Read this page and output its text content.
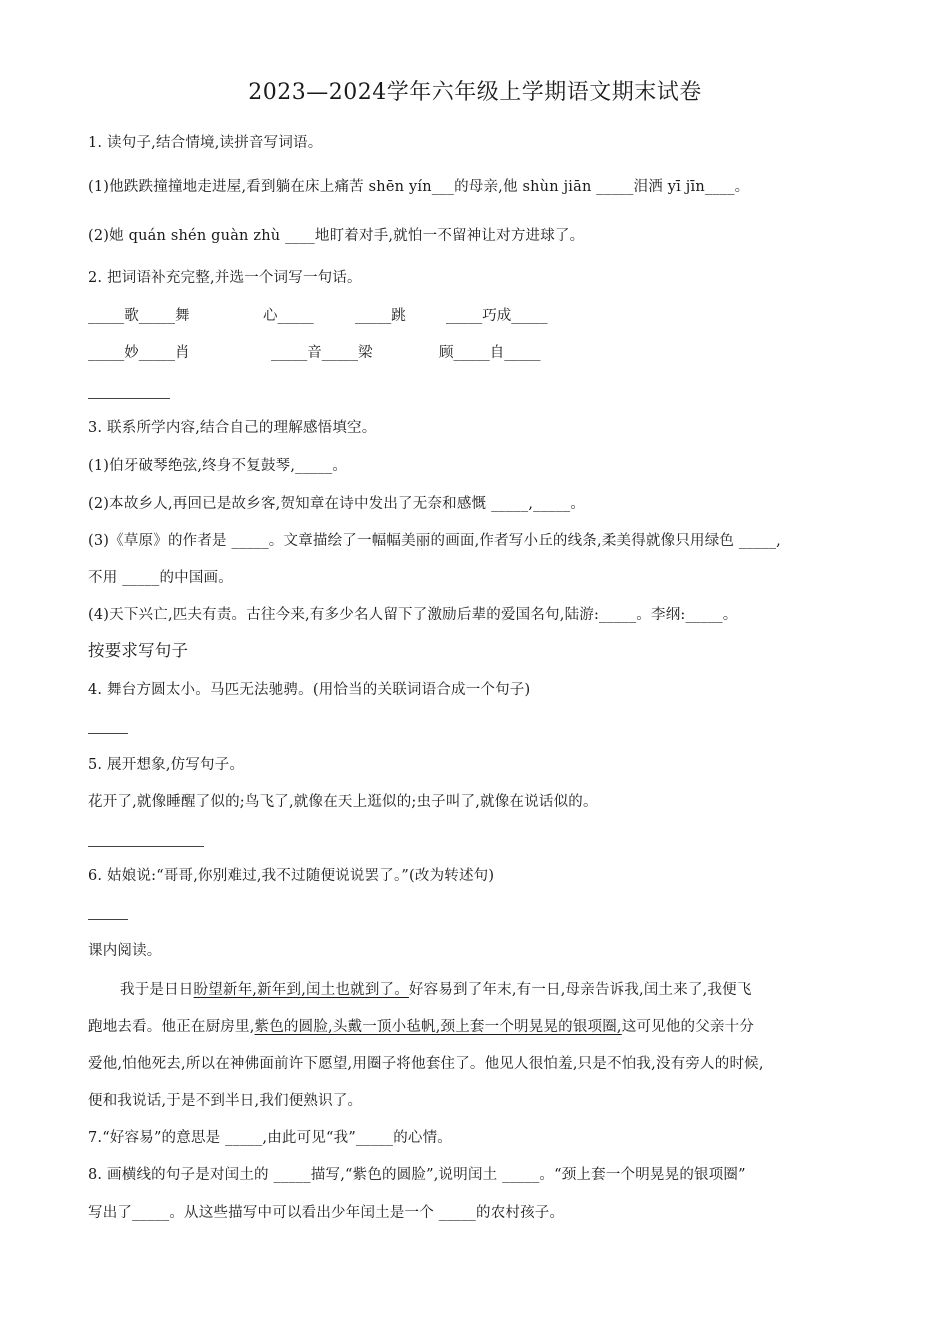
2023—2024学年六年级上学期语文期末试卷
1. 读句子,结合情境,读拼音写词语。
(1)他跌跌撞撞地走进屋,看到躺在床上痛苦 shēn yín___的母亲,他 shùn jiān _____泪洒 yī jīn____。
(2)她 quán shén guàn zhù ____地盯着对手,就怕一不留神让对方进球了。
2. 把词语补充完整,并选一个词写一句话。
_____歌_____舞	心_____	_____跳	_____巧成_____
_____妙_____肖	_____音_____梁	顾_____自_____
3. 联系所学内容,结合自己的理解感悟填空。
(1)伯牙破琴绝弦,终身不复鼓琴,_____。
(2)本故乡人,再回已是故乡客,贺知章在诗中发出了无奈和感慨 _____,_____。
(3)《草原》的作者是 _____。文章描绘了一幅幅美丽的画面,作者写小丘的线条,柔美得就像只用绿色 _____,
不用 _____的中国画。
(4)天下兴亡,匹夫有责。古往今来,有多少名人留下了激励后辈的爱国名句,陆游:_____。李纲:_____。
按要求写句子
4. 舞台方圆太小。马匹无法驰骋。(用恰当的关联词语合成一个句子)
5. 展开想象,仿写句子。
花开了,就像睡醒了似的;鸟飞了,就像在天上逛似的;虫子叫了,就像在说话似的。
6. 姑娘说:“哥哥,你别难过,我不过随便说说罢了。”(改为转述句)
课内阅读。
我于是日日盼望新年,新年到,闰土也就到了。好容易到了年末,有一日,母亲告诉我,闰土来了,我便飞
跑地去看。他正在厨房里,紫色的圆脸,头戴一顶小毡帆,颈上套一个明晃晃的银项圈,这可见他的父亲十分
爱他,怕他死去,所以在神佛面前许下愿望,用圈子将他套住了。他见人很怕羞,只是不怕我,没有旁人的时候,
便和我说话,于是不到半日,我们便熟识了。
7.“好容易”的意思是 _____,由此可见“我”_____的心情。
8. 画横线的句子是对闰土的 _____描写,“紫色的圆脸”,说明闰土 _____。“颈上套一个明晃晃的银项圈”
写出了_____。从这些描写中可以看出少年闰土是一个 _____的农村孩子。
